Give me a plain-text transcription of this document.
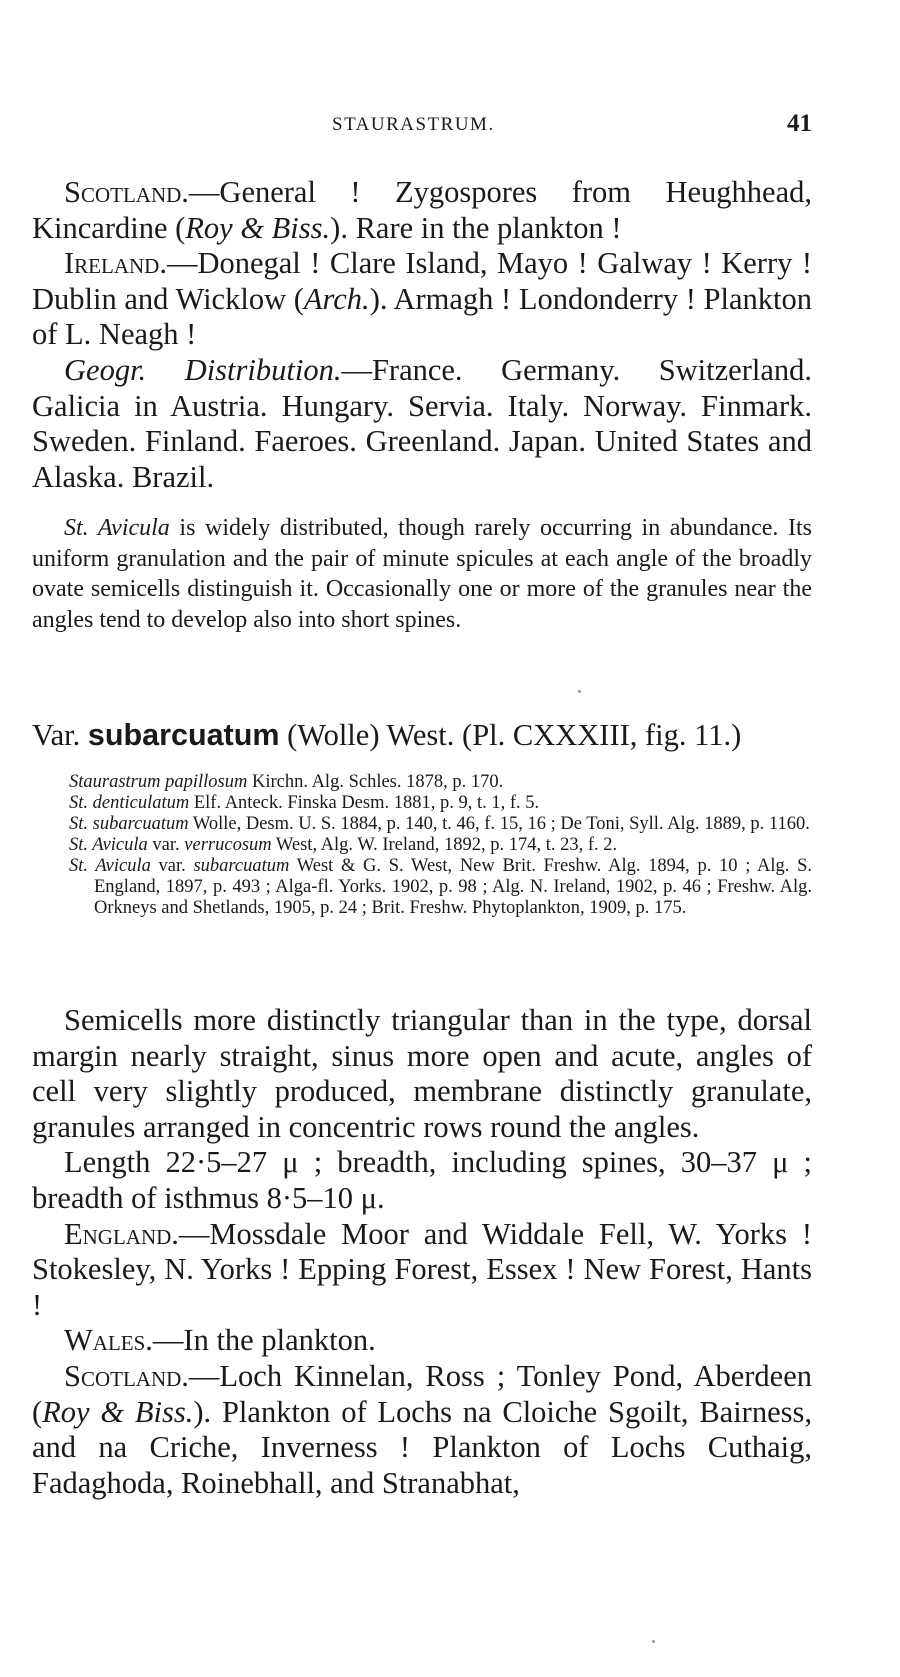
STAURASTRUM.	41

Scotland.—General ! Zygospores from Heughhead, Kincardine (Roy & Biss.). Rare in the plankton !

Ireland.—Donegal ! Clare Island, Mayo ! Galway ! Kerry ! Dublin and Wicklow (Arch.). Armagh ! Londonderry ! Plankton of L. Neagh !

Geogr. Distribution.—France. Germany. Switzerland. Galicia in Austria. Hungary. Servia. Italy. Norway. Finmark. Sweden. Finland. Faeroes. Greenland. Japan. United States and Alaska. Brazil.

St. Avicula is widely distributed, though rarely occurring in abundance. Its uniform granulation and the pair of minute spicules at each angle of the broadly ovate semicells distinguish it. Occasionally one or more of the granules near the angles tend to develop also into short spines.

Var. subarcuatum (Wolle) West. (Pl. CXXXIII, fig. 11.)

Staurastrum papillosum Kirchn. Alg. Schles. 1878, p. 170.

St. denticulatum Elf. Anteck. Finska Desm. 1881, p. 9, t. 1, f. 5.

St. subarcuatum Wolle, Desm. U. S. 1884, p. 140, t. 46, f. 15, 16 ; De Toni, Syll. Alg. 1889, p. 1160.

St. Avicula var. verrucosum West, Alg. W. Ireland, 1892, p. 174, t. 23, f. 2.

St. Avicula var. subarcuatum West & G. S. West, New Brit. Freshw. Alg. 1894, p. 10 ; Alg. S. England, 1897, p. 493 ; Alga-fl. Yorks. 1902, p. 98 ; Alg. N. Ireland, 1902, p. 46 ; Freshw. Alg. Orkneys and Shetlands, 1905, p. 24 ; Brit. Freshw. Phytoplankton, 1909, p. 175.

Semicells more distinctly triangular than in the type, dorsal margin nearly straight, sinus more open and acute, angles of cell very slightly produced, membrane distinctly granulate, granules arranged in concentric rows round the angles.

Length 22·5–27 μ ; breadth, including spines, 30–37 μ ; breadth of isthmus 8·5–10 μ.

England.—Mossdale Moor and Widdale Fell, W. Yorks ! Stokesley, N. Yorks ! Epping Forest, Essex ! New Forest, Hants !

Wales.—In the plankton.

Scotland.—Loch Kinnelan, Ross ; Tonley Pond, Aberdeen (Roy & Biss.). Plankton of Lochs na Cloiche Sgoilt, Bairness, and na Criche, Inverness ! Plankton of Lochs Cuthaig, Fadaghoda, Roinebhall, and Stranabhat,
